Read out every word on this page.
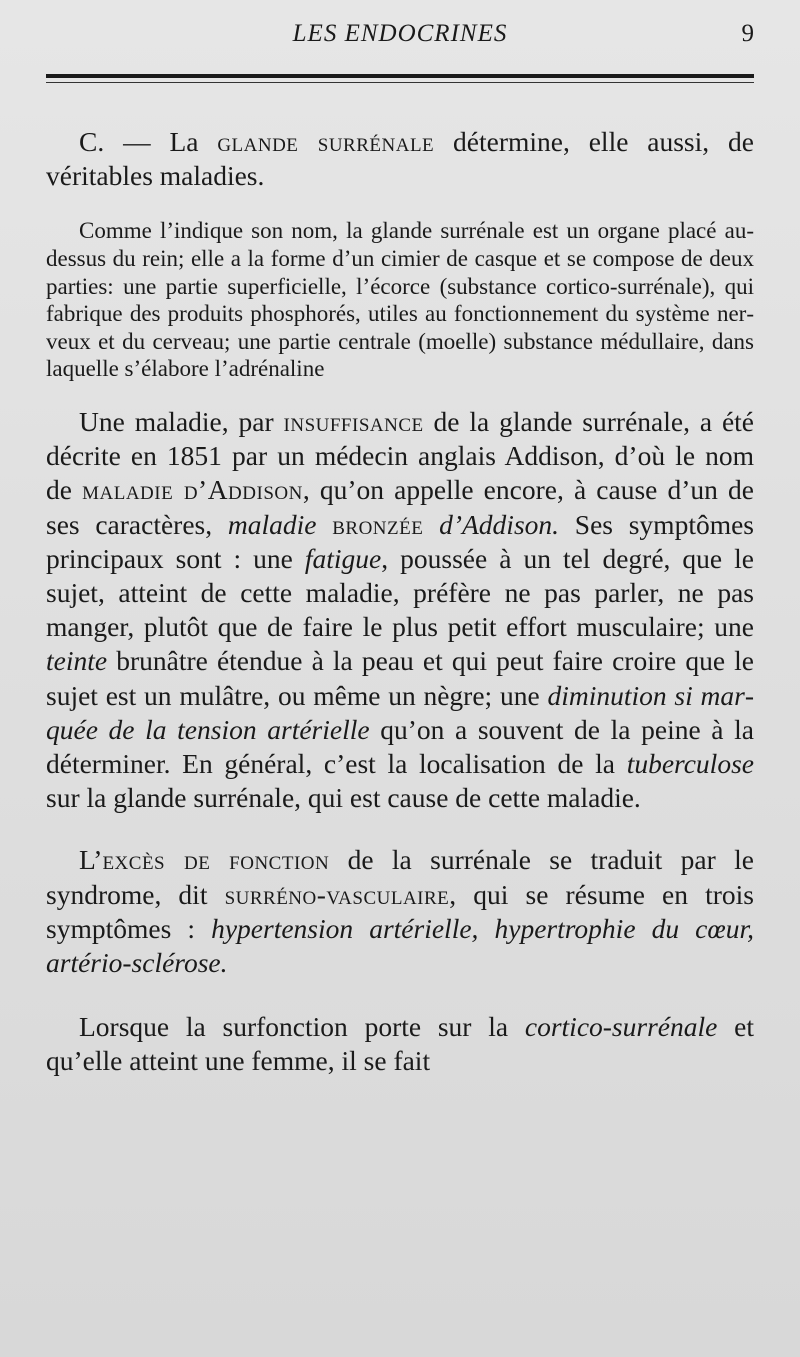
LES ENDOCRINES	9

C. — La glande surrénale détermine, elle aussi, de véritables maladies.

Comme l’indique son nom, la glande surrénale est un organe placé au-dessus du rein; elle a la forme d’un cimier de casque et se compose de deux parties: une partie superficielle, l’écorce (substance cortico-surrénale), qui fabrique des produits phosphorés, utiles au fonctionnement du système nerveux et du cerveau; une partie centrale (moelle) substance médullaire, dans laquelle s’élabore l’adrénaline

Une maladie, par insuffisance de la glande surrénale, a été décrite en 1851 par un médecin anglais Addison, d’où le nom de maladie d’Addison, qu’on appelle encore, à cause d’un de ses caractères, maladie bronzée d’Addison. Ses symptômes principaux sont : une fatigue, poussée à un tel degré, que le sujet, atteint de cette maladie, préfère ne pas parler, ne pas manger, plutôt que de faire le plus petit effort musculaire; une teinte brunâtre étendue à la peau et qui peut faire croire que le sujet est un mulâtre, ou même un nègre; une diminution si marquée de la tension artérielle qu’on a souvent de la peine à la déterminer. En général, c’est la localisation de la tuberculose sur la glande surrénale, qui est cause de cette maladie.

L’excès de fonction de la surrénale se traduit par le syndrome, dit surréno-vasculaire, qui se résume en trois symptômes : hypertension artérielle, hypertrophie du cœur, artério-sclérose.

Lorsque la surfonction porte sur la cortico-surrénale et qu’elle atteint une femme, il se fait
